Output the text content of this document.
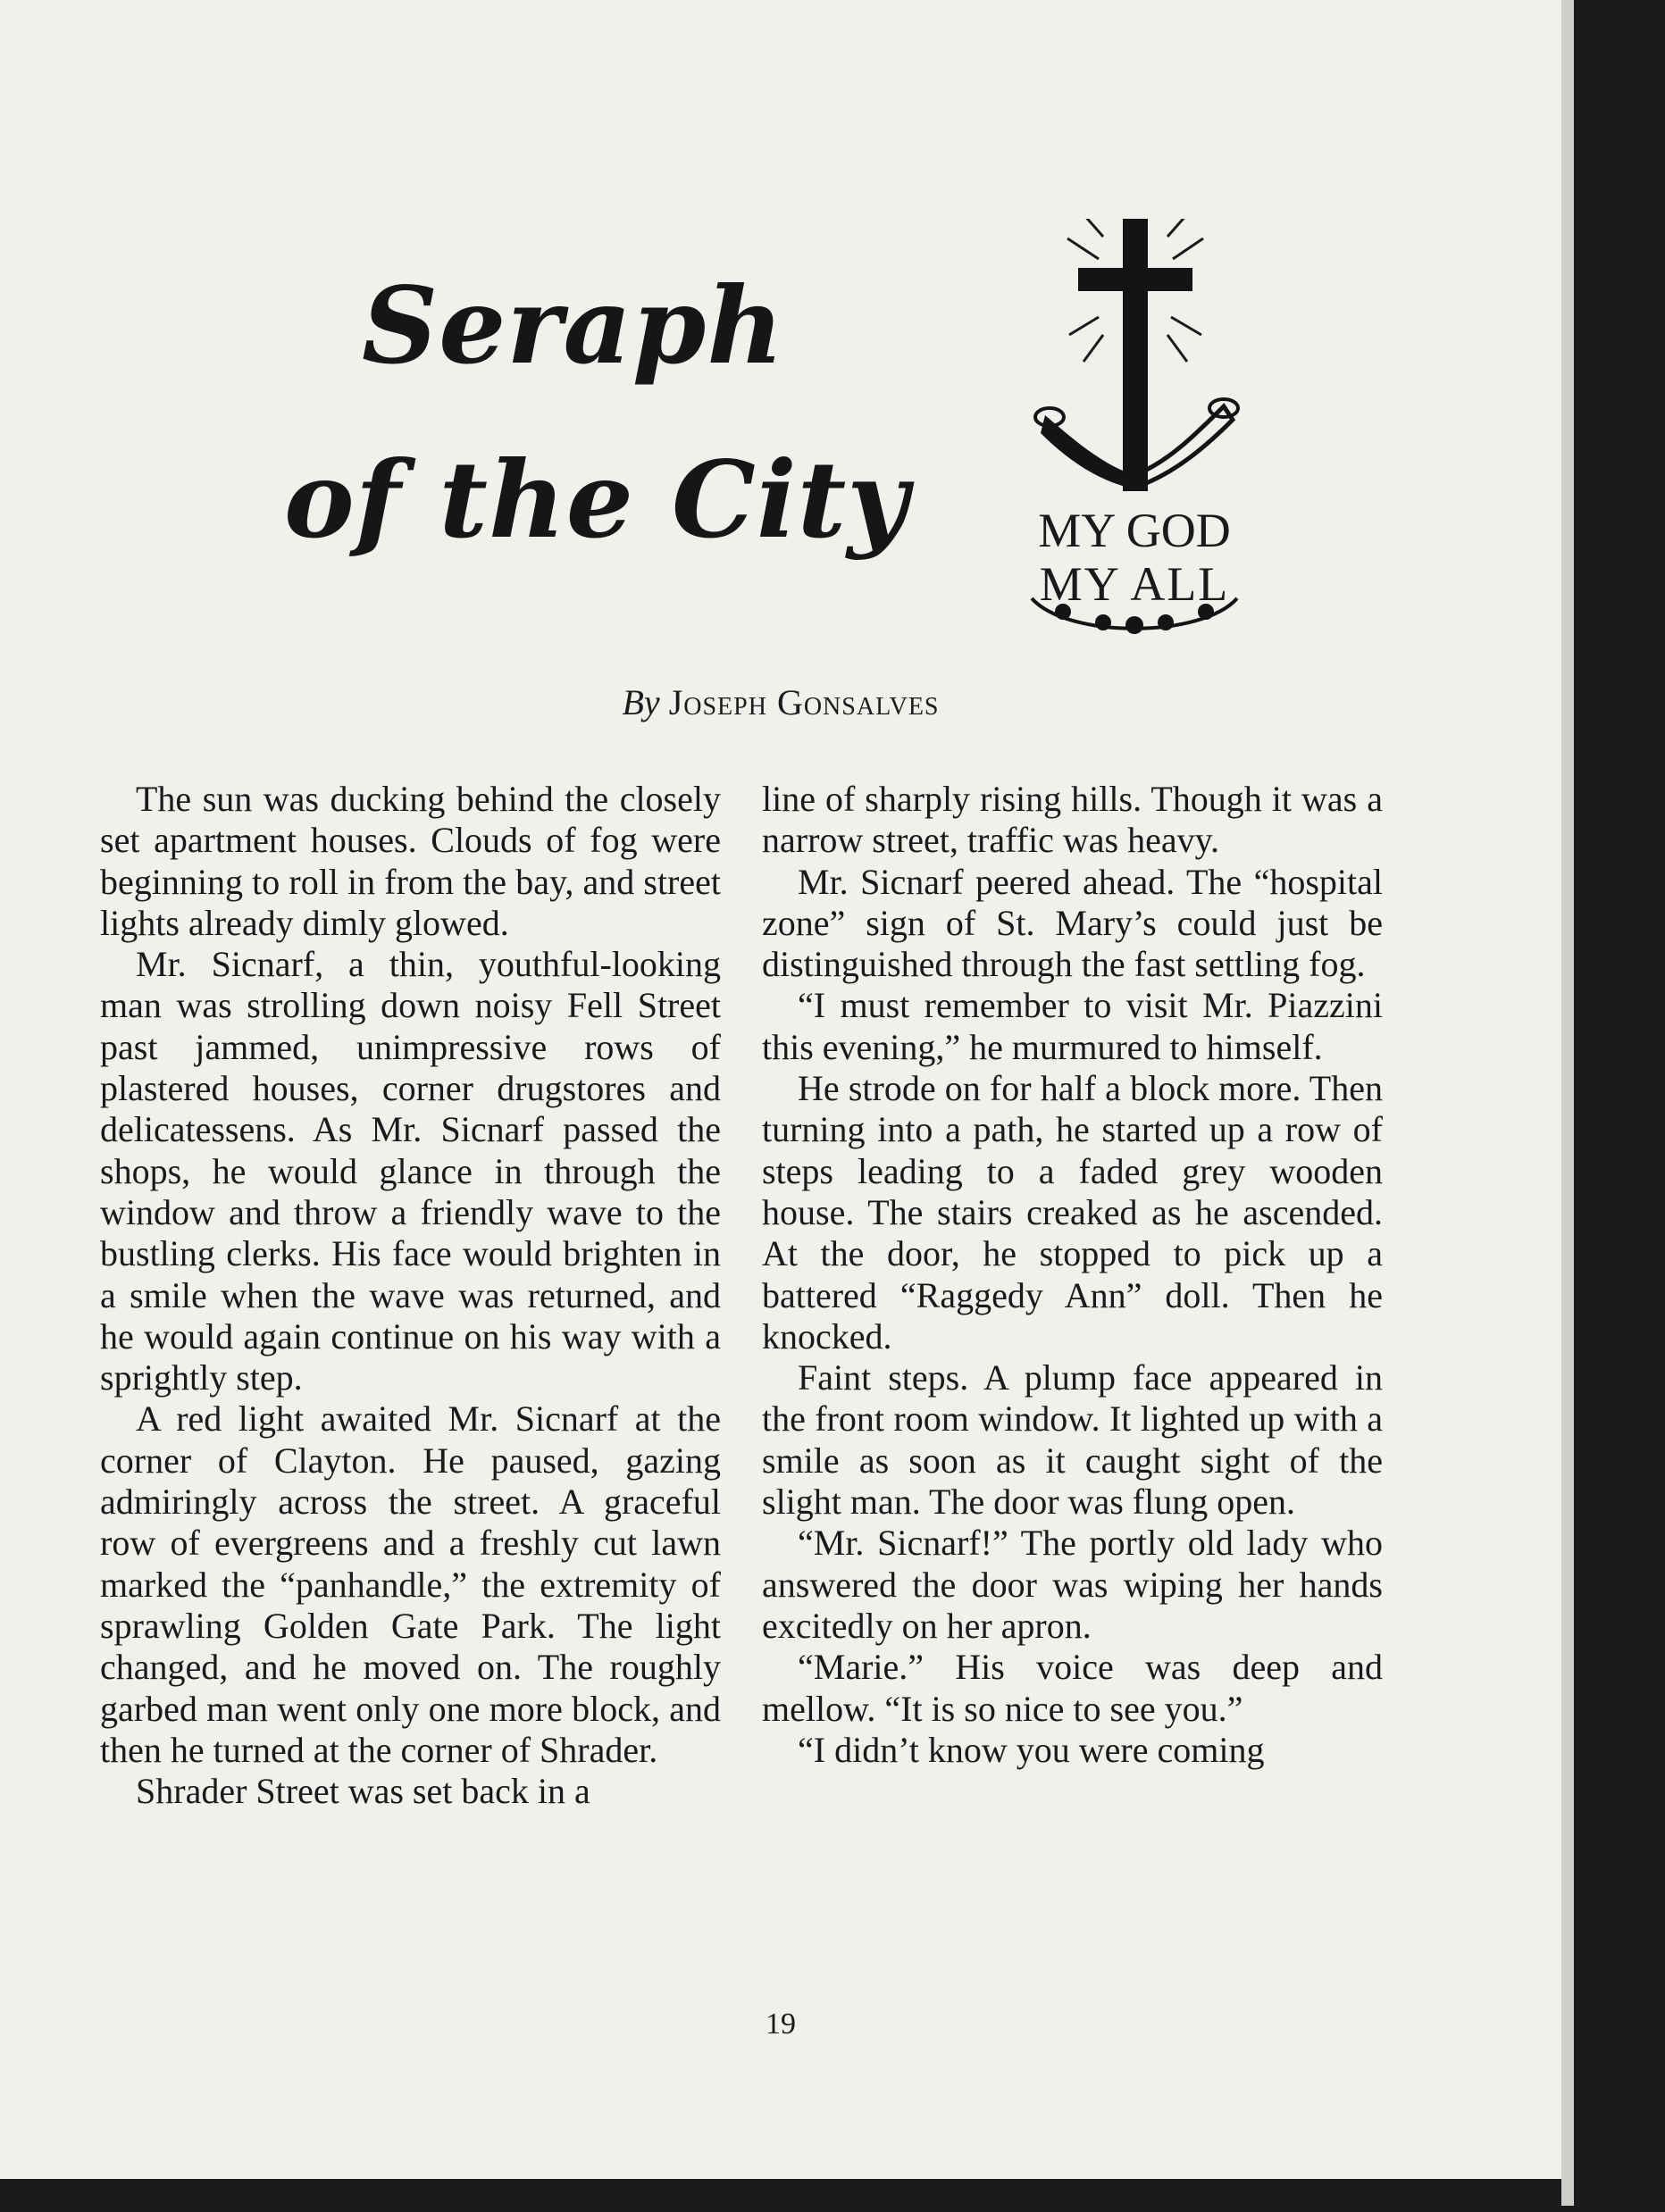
Seraph
of the City	MY GOD
MY ALL
By Joseph Gonsalves

The sun was ducking behind the closely set apartment houses. Clouds of fog were beginning to roll in from the bay, and street lights already dimly glowed.

Mr. Sicnarf, a thin, youthful-looking man was strolling down noisy Fell Street past jammed, unimpressive rows of plastered houses, corner drugstores and delicatessens. As Mr. Sicnarf passed the shops, he would glance in through the window and throw a friendly wave to the bustling clerks. His face would brighten in a smile when the wave was returned, and he would again continue on his way with a sprightly step.

A red light awaited Mr. Sicnarf at the corner of Clayton. He paused, gazing admiringly across the street. A graceful row of evergreens and a freshly cut lawn marked the “panhandle,” the extremity of sprawling Golden Gate Park. The light changed, and he moved on. The roughly garbed man went only one more block, and then he turned at the corner of Shrader.

Shrader Street was set back in a

line of sharply rising hills. Though it was a narrow street, traffic was heavy.

Mr. Sicnarf peered ahead. The “hospital zone” sign of St. Mary’s could just be distinguished through the fast settling fog.

“I must remember to visit Mr. Piazzini this evening,” he murmured to himself.

He strode on for half a block more. Then turning into a path, he started up a row of steps leading to a faded grey wooden house. The stairs creaked as he ascended. At the door, he stopped to pick up a battered “Raggedy Ann” doll. Then he knocked.

Faint steps. A plump face appeared in the front room window. It lighted up with a smile as soon as it caught sight of the slight man. The door was flung open.

“Mr. Sicnarf!” The portly old lady who answered the door was wiping her hands excitedly on her apron.

“Marie.” His voice was deep and mellow. “It is so nice to see you.”

“I didn’t know you were coming

19
